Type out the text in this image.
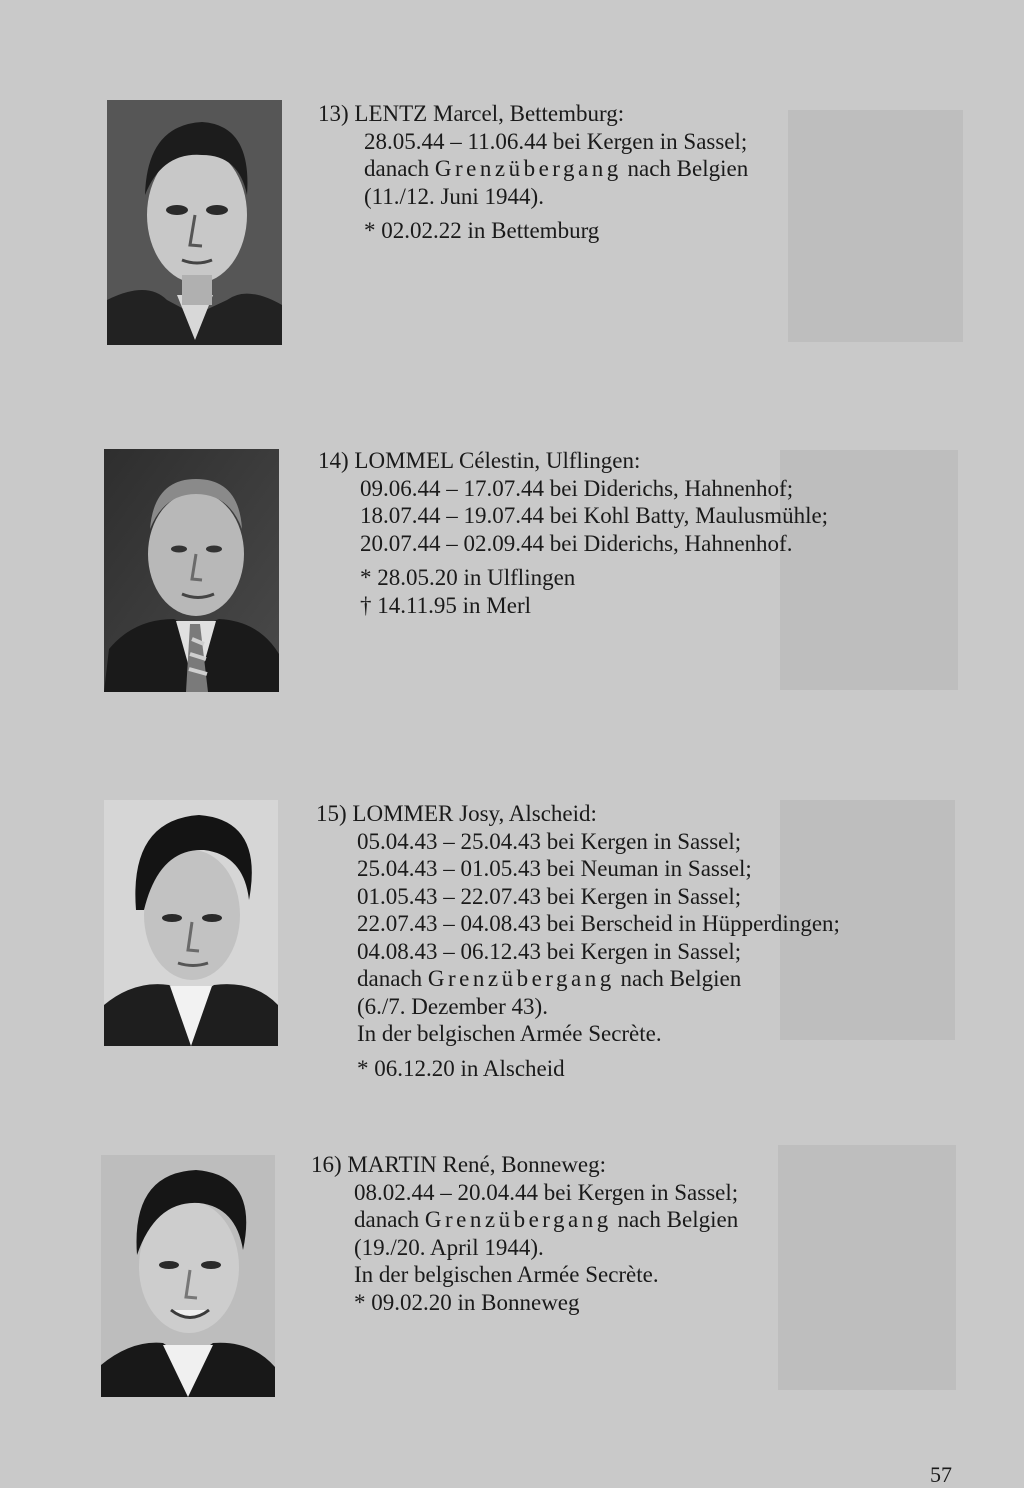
13) LENTZ Marcel, Bettemburg:
28.05.44 – 11.06.44 bei Kergen in Sassel;
danach Grenzübergang nach Belgien
(11./12. Juni 1944).
* 02.02.22 in Bettemburg
14) LOMMEL Célestin, Ulflingen:
09.06.44 – 17.07.44 bei Diderichs, Hahnenhof;
18.07.44 – 19.07.44 bei Kohl Batty, Maulusmühle;
20.07.44 – 02.09.44 bei Diderichs, Hahnenhof.
* 28.05.20 in Ulflingen
† 14.11.95 in Merl
15) LOMMER Josy, Alscheid:
05.04.43 – 25.04.43 bei Kergen in Sassel;
25.04.43 – 01.05.43 bei Neuman in Sassel;
01.05.43 – 22.07.43 bei Kergen in Sassel;
22.07.43 – 04.08.43 bei Berscheid in Hüpperdingen;
04.08.43 – 06.12.43 bei Kergen in Sassel;
danach Grenzübergang nach Belgien
(6./7. Dezember 43).
In der belgischen Armée Secrète.
* 06.12.20 in Alscheid
16) MARTIN René, Bonneweg:
08.02.44 – 20.04.44 bei Kergen in Sassel;
danach Grenzübergang nach Belgien
(19./20. April 1944).
In der belgischen Armée Secrète.
* 09.02.20 in Bonneweg
57
